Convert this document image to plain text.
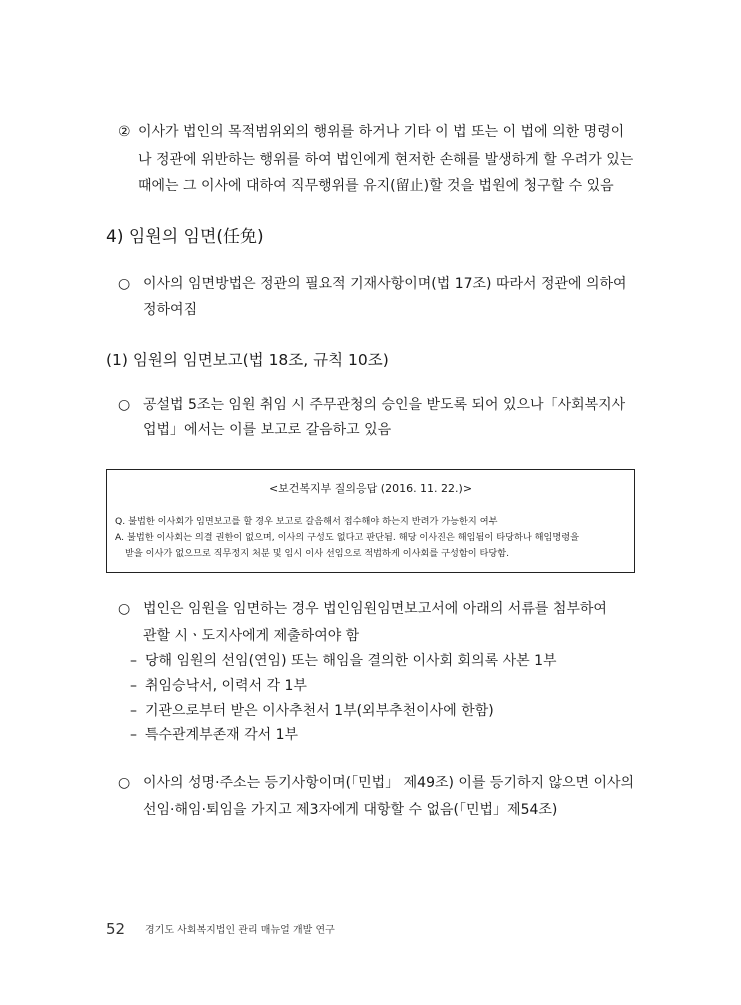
② 이사가 법인의 목적범위외의 행위를 하거나 기타 이 법 또는 이 법에 의한 명령이
나 정관에 위반하는 행위를 하여 법인에게 현저한 손해를 발생하게 할 우려가 있는
때에는 그 이사에 대하여 직무행위를 유지(留止)할 것을 법원에 청구할 수 있음
4) 임원의 임면(任免)
○ 이사의 임면방법은 정관의 필요적 기재사항이며(법 17조) 따라서 정관에 의하여
정하여짐
(1) 임원의 임면보고(법 18조, 규칙 10조)
○ 공설법 5조는 임원 취임 시 주무관청의 승인을 받도록 되어 있으나「사회복지사
업법」에서는 이를 보고로 갈음하고 있음
<보건복지부 질의응답 (2016. 11. 22.)>
Q. 불법한 이사회가 임면보고를 할 경우 보고로 갈음해서 접수해야 하는지 반려가 가능한지 여부
A. 불법한 이사회는 의결 권한이 없으며, 이사의 구성도 없다고 판단됨. 해당 이사진은 해임됨이 타당하나 해임명령을
받을 이사가 없으므로 직무정지 처분 및 임시 이사 선임으로 적법하게 이사회를 구성함이 타당함.
○ 법인은 임원을 임면하는 경우 법인임원임면보고서에 아래의 서류를 첨부하여
관할 시ㆍ도지사에게 제출하여야 함
– 당해 임원의 선임(연임) 또는 해임을 결의한 이사회 회의록 사본 1부
– 취임승낙서, 이력서 각 1부
– 기관으로부터 받은 이사추천서 1부(외부추천이사에 한함)
– 특수관계부존재 각서 1부
○ 이사의 성명·주소는 등기사항이며(「민법」 제49조) 이를 등기하지 않으면 이사의
선임·해임·퇴임을 가지고 제3자에게 대항할 수 없음(「민법」제54조)
52 경기도 사회복지법인 관리 매뉴얼 개발 연구
